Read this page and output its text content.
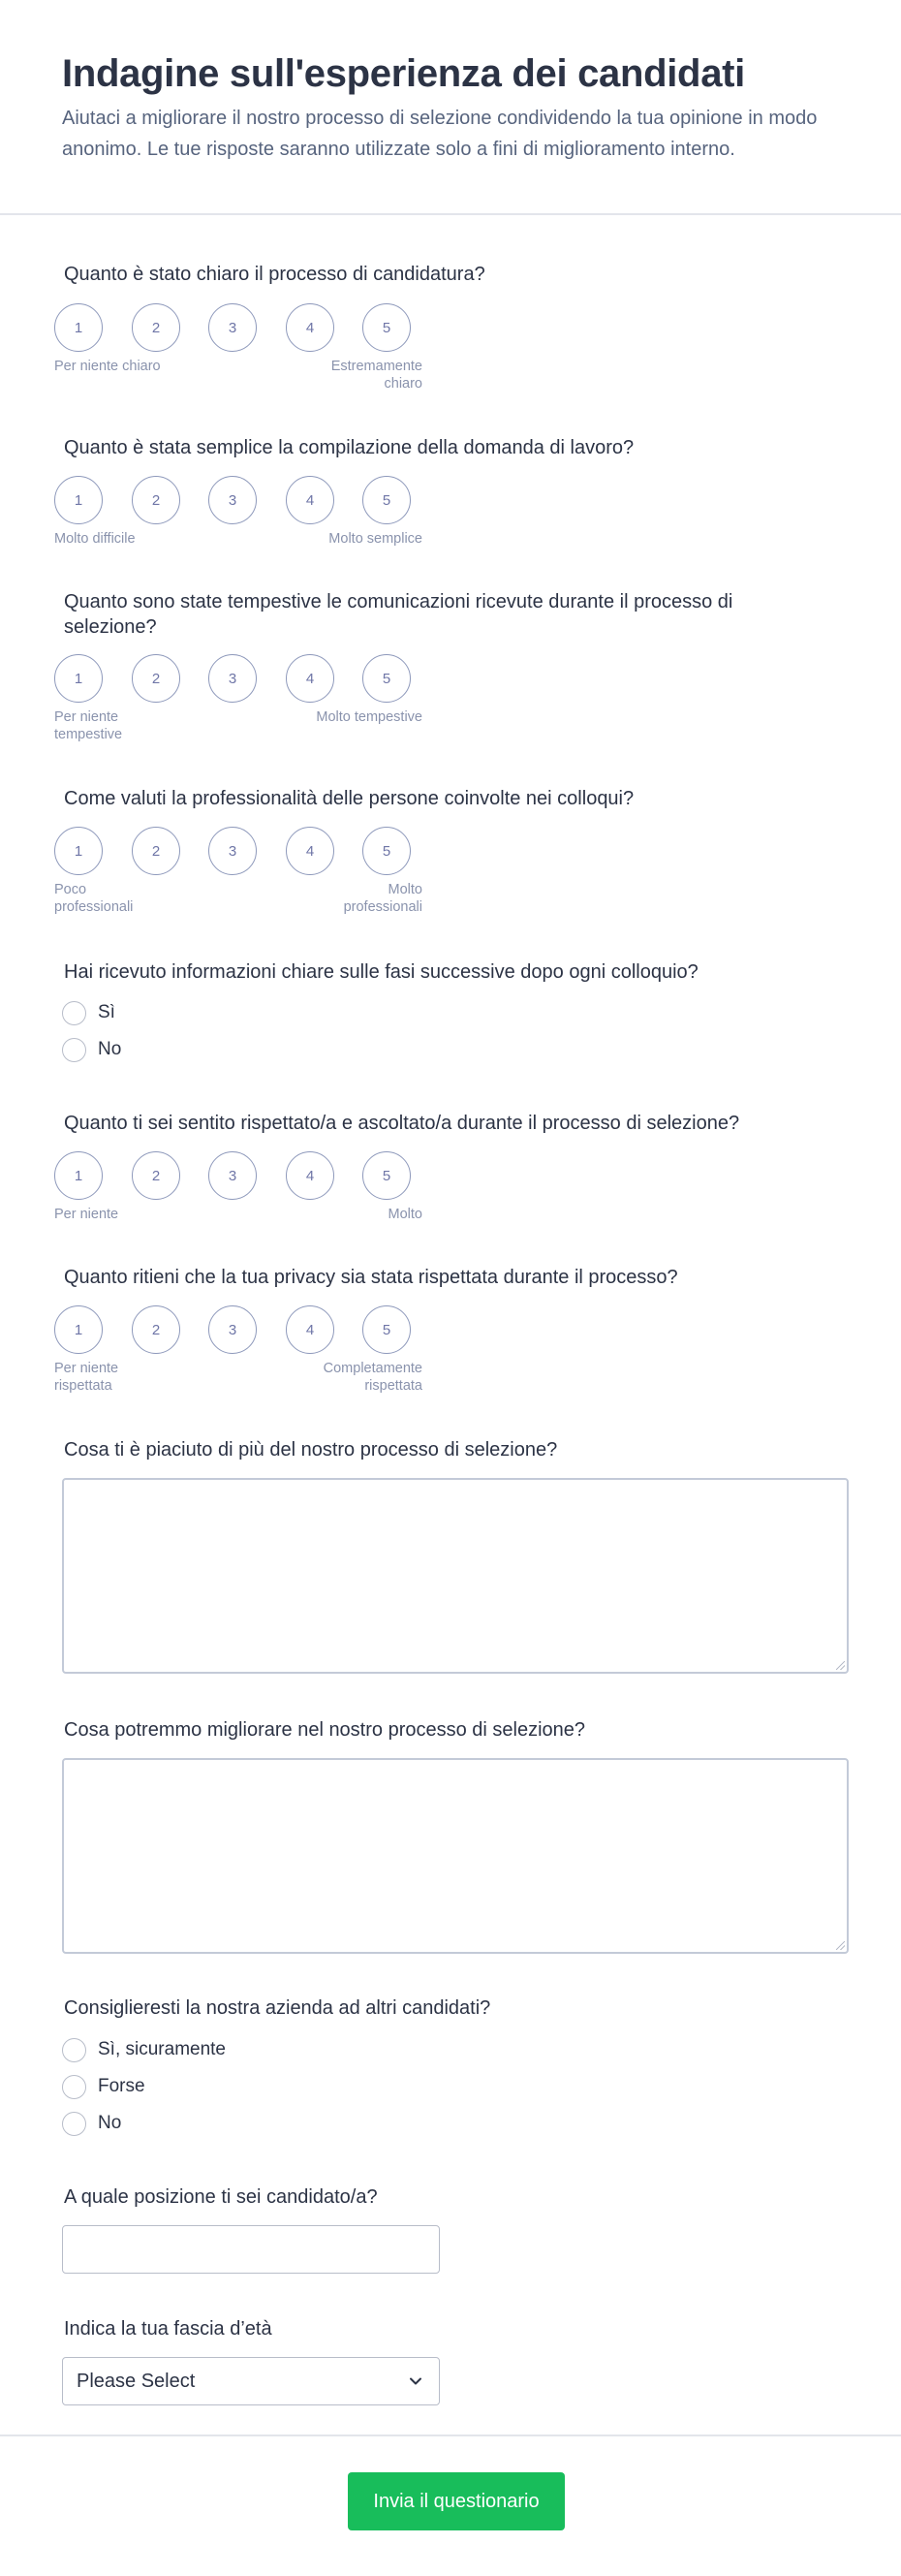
Indagine sull'esperienza dei candidati

Aiutaci a migliorare il nostro processo di selezione condividendo la tua opinione in modo anonimo. Le tue risposte saranno utilizzate solo a fini di miglioramento interno.

Quanto è stato chiaro il processo di candidatura?
1	2	3	4	5
Per niente chiaro	Estremamente chiaro
Quanto è stata semplice la compilazione della domanda di lavoro?
1	2	3	4	5
Molto difficile	Molto semplice
Quanto sono state tempestive le comunicazioni ricevute durante il processo di selezione?
1	2	3	4	5
Per niente tempestive
Molto tempestive
Come valuti la professionalità delle persone coinvolte nei colloqui?
1	2	3	4	5
Poco professionali
Molto professionali
Hai ricevuto informazioni chiare sulle fasi successive dopo ogni colloquio?
Sì
No
Quanto ti sei sentito rispettato/a e ascoltato/a durante il processo di selezione?
1	2	3	4	5
Per niente	Molto
Quanto ritieni che la tua privacy sia stata rispettata durante il processo?
1	2	3	4	5
Per niente rispettata
Completamente rispettata
Cosa ti è piaciuto di più del nostro processo di selezione?
Cosa potremmo migliorare nel nostro processo di selezione?
Consiglieresti la nostra azienda ad altri candidati?
Sì, sicuramente
Forse
No
A quale posizione ti sei candidato/a?
Indica la tua fascia d’età
Please Select
Invia il questionario
